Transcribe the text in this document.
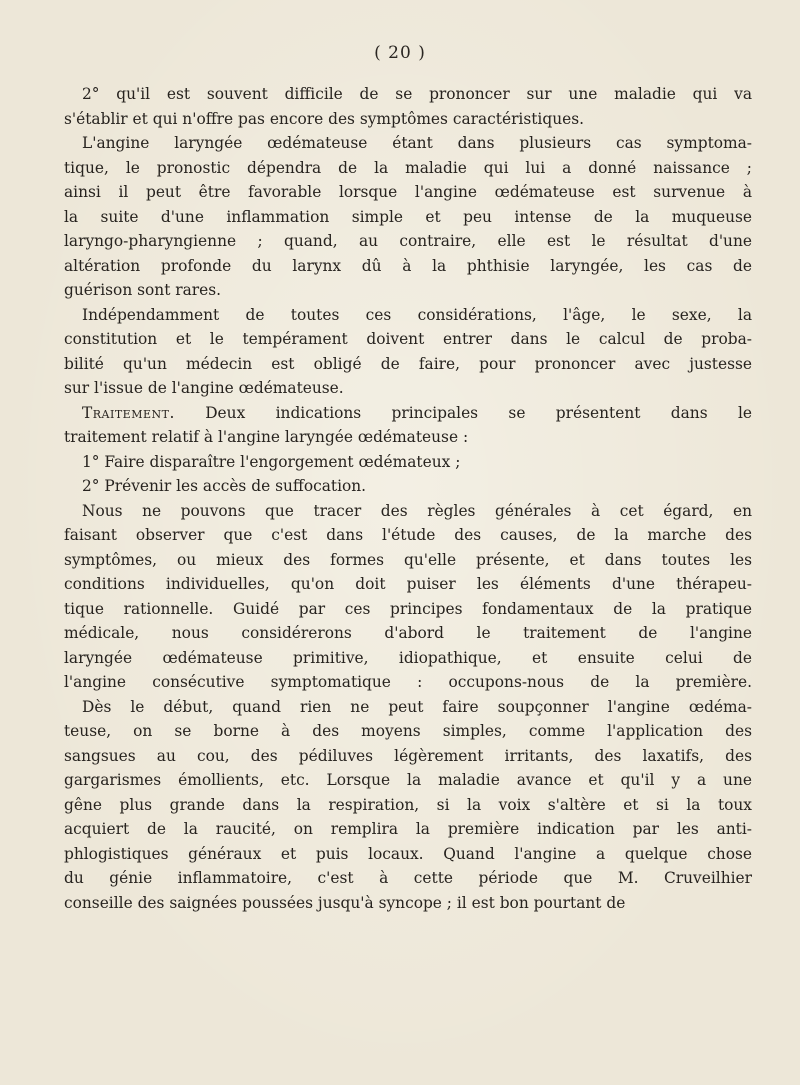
( 20 )
2° qu'il est souvent difficile de se prononcer sur une maladie qui va
s'établir et qui n'offre pas encore des symptômes caractéristiques.
L'angine laryngée œdémateuse étant dans plusieurs cas symptoma-
tique, le pronostic dépendra de la maladie qui lui a donné naissance ;
ainsi il peut être favorable lorsque l'angine œdémateuse est survenue à
la suite d'une inflammation simple et peu intense de la muqueuse
laryngo-pharyngienne ; quand, au contraire, elle est le résultat d'une
altération profonde du larynx dû à la phthisie laryngée, les cas de
guérison sont rares.
Indépendamment de toutes ces considérations, l'âge, le sexe, la
constitution et le tempérament doivent entrer dans le calcul de proba-
bilité qu'un médecin est obligé de faire, pour prononcer avec justesse
sur l'issue de l'angine œdémateuse.
Traitement. Deux indications principales se présentent dans le
traitement relatif à l'angine laryngée œdémateuse :
1° Faire disparaître l'engorgement œdémateux ;
2° Prévenir les accès de suffocation.
Nous ne pouvons que tracer des règles générales à cet égard, en
faisant observer que c'est dans l'étude des causes, de la marche des
symptômes, ou mieux des formes qu'elle présente, et dans toutes les
conditions individuelles, qu'on doit puiser les éléments d'une thérapeu-
tique rationnelle. Guidé par ces principes fondamentaux de la pratique
médicale, nous considérerons d'abord le traitement de l'angine
laryngée œdémateuse primitive, idiopathique, et ensuite celui de
l'angine consécutive symptomatique : occupons-nous de la première.
Dès le début, quand rien ne peut faire soupçonner l'angine œdéma-
teuse, on se borne à des moyens simples, comme l'application des
sangsues au cou, des pédiluves légèrement irritants, des laxatifs, des
gargarismes émollients, etc. Lorsque la maladie avance et qu'il y a une
gêne plus grande dans la respiration, si la voix s'altère et si la toux
acquiert de la raucité, on remplira la première indication par les anti-
phlogistiques généraux et puis locaux. Quand l'angine a quelque chose
du génie inflammatoire, c'est à cette période que M. Cruveilhier
conseille des saignées poussées jusqu'à syncope ; il est bon pourtant de
